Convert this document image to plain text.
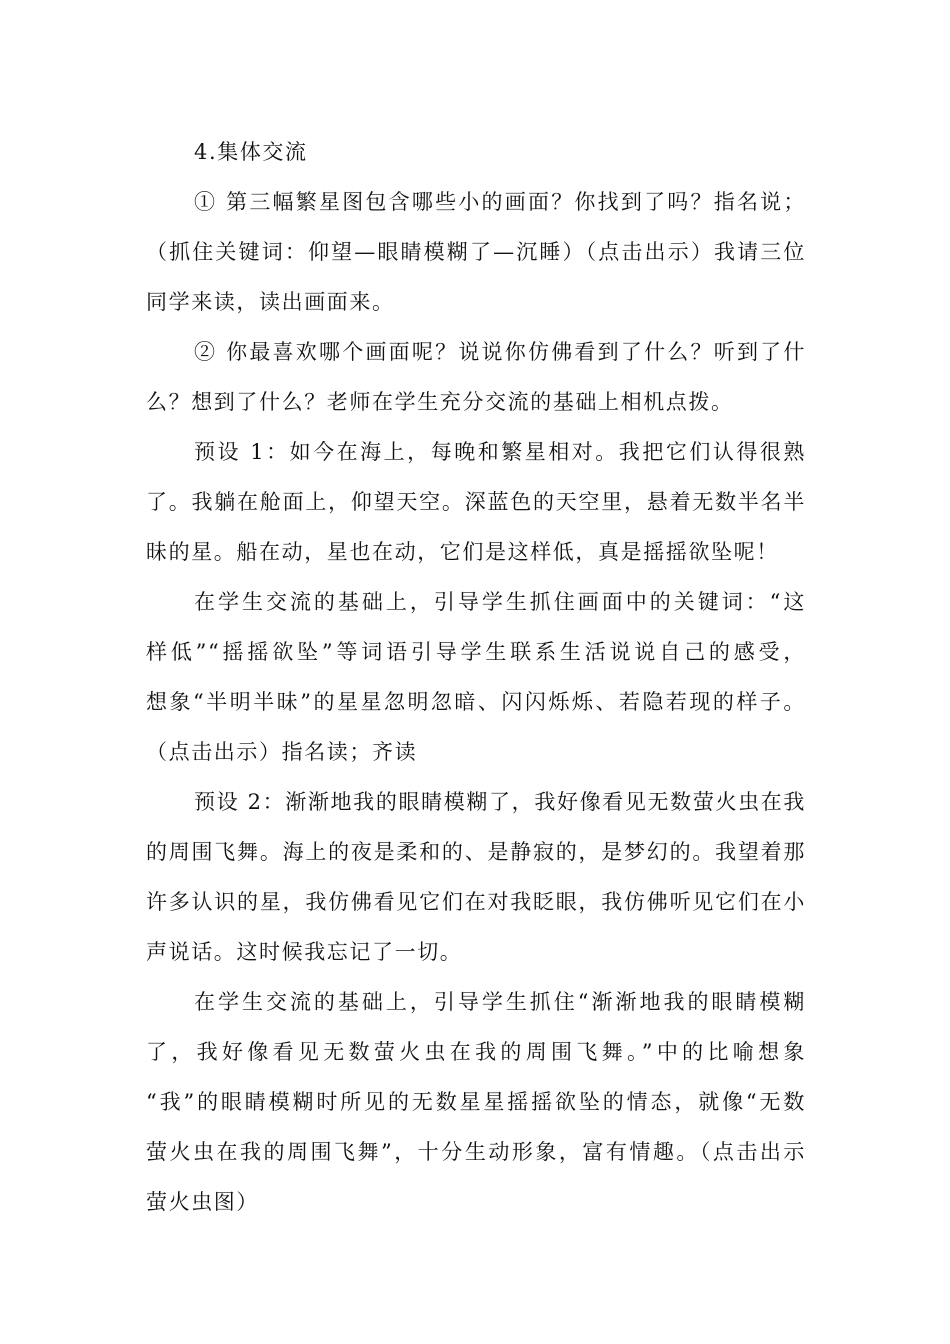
4.集体交流
① 第三幅繁星图包含哪些小的画面？你找到了吗？指名说；
（抓住关键词：仰望—眼睛模糊了—沉睡）（点击出示）我请三位
同学来读，读出画面来。
② 你最喜欢哪个画面呢？说说你仿佛看到了什么？听到了什
么？想到了什么？老师在学生充分交流的基础上相机点拨。
预设 1：如今在海上，每晚和繁星相对。我把它们认得很熟
了。我躺在舱面上，仰望天空。深蓝色的天空里，悬着无数半名半
昧的星。船在动，星也在动，它们是这样低，真是摇摇欲坠呢！
在学生交流的基础上，引导学生抓住画面中的关键词：“这
样低”“摇摇欲坠”等词语引导学生联系生活说说自己的感受，
想象“半明半昧”的星星忽明忽暗、闪闪烁烁、若隐若现的样子。
（点击出示）指名读；齐读
预设 2：渐渐地我的眼睛模糊了，我好像看见无数萤火虫在我
的周围飞舞。海上的夜是柔和的、是静寂的，是梦幻的。我望着那
许多认识的星，我仿佛看见它们在对我眨眼，我仿佛听见它们在小
声说话。这时候我忘记了一切。
在学生交流的基础上，引导学生抓住“渐渐地我的眼睛模糊
了，我好像看见无数萤火虫在我的周围飞舞。”中的比喻想象
“我”的眼睛模糊时所见的无数星星摇摇欲坠的情态，就像“无数
萤火虫在我的周围飞舞”，十分生动形象，富有情趣。（点击出示
萤火虫图）
